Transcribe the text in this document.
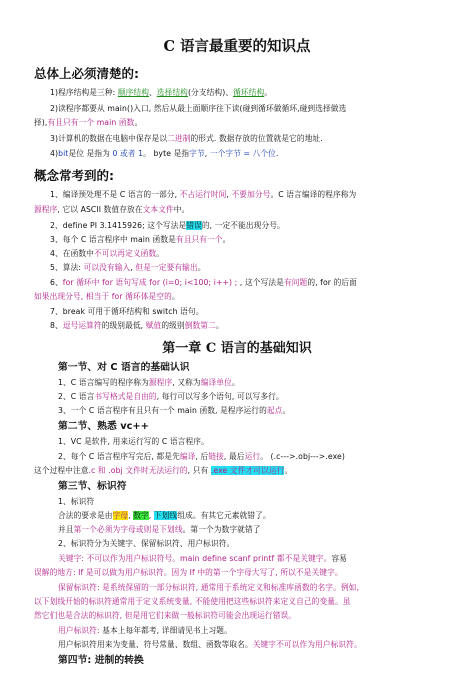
C 语言最重要的知识点
总体上必须清楚的:
1)程序结构是三种: 顺序结构、选择结构(分支结构)、循环结构。
2)读程序都要从 main()入口, 然后从最上面顺序往下读(碰到循环做循环,碰到选择做选
择),有且只有一个 main 函数。
3)计算机的数据在电脑中保存是以二进制的形式. 数据存放的位置就是它的地址.
4)bit是位 是指为 0 或者 1。 byte 是指字节, 一个字节 = 八个位.
概念常考到的:
1、编译预处理不是 C 语言的一部分, 不占运行时间, 不要加分号。C 语言编译的程序称为
源程序, 它以 ASCII 数值存放在文本文件中。
2、define PI 3.1415926; 这个写法是错误的, 一定不能出现分号。
3、每个 C 语言程序中 main 函数是有且只有一个。
4、在函数中不可以再定义函数。
5、算法: 可以没有输入, 但是一定要有输出。
6、for 循环中 for 语句写成 for (i=0; i<100; i++) ; , 这个写法是有问题的, for 的后面
如果出现分号, 相当于 for 循环体是空的。
7、break 可用于循环结构和 switch 语句。
8、逗号运算符的级别最低, 赋值的级别倒数第二。
第一章 C 语言的基础知识
第一节、对 C 语言的基础认识
1、C 语言编写的程序称为源程序, 又称为编译单位。
2、C 语言书写格式是自由的, 每行可以写多个语句, 可以写多行。
3、一个 C 语言程序有且只有一个 main 函数, 是程序运行的起点。
第二节、熟悉 vc++
1、VC 是软件, 用来运行写的 C 语言程序。
2、每个 C 语言程序写完后, 都是先编译, 后链接, 最后运行。 (.c--->.obj--->.exe)
这个过程中注意.c 和 .obj 文件时无法运行的, 只有 .exe 文件才可以运行。
第三节、标识符
1、标识符
合法的要求是由字母, 数字, 下划线组成。有其它元素就错了。
并且第一个必须为字母或则是下划线。第一个为数字就错了
2、标识符分为关键字、保留标识符、用户标识符。
关键字: 不可以作为用户标识符号。main define scanf printf 都不是关键字。容易
误解的地方: If 是可以做为用户标识符。因为 If 中的第一个字母大写了, 所以不是关键字。
保留标识符: 是系统保留的一部分标识符, 通常用于系统定义和标准库函数的名字。例如,
以下划线开始的标识符通常用于定义系统变量, 不能使用把这些标识符来定义自己的变量。虽
然它们也是合法的标识符, 但是用它们来做一般标识符可能会出现运行错误。
用户标识符: 基本上每年都考, 详细请见书上习题。
用户标识符用来为变量、符号常量、数组、函数等取名。关键字不可以作为用户标识符。
第四节: 进制的转换
